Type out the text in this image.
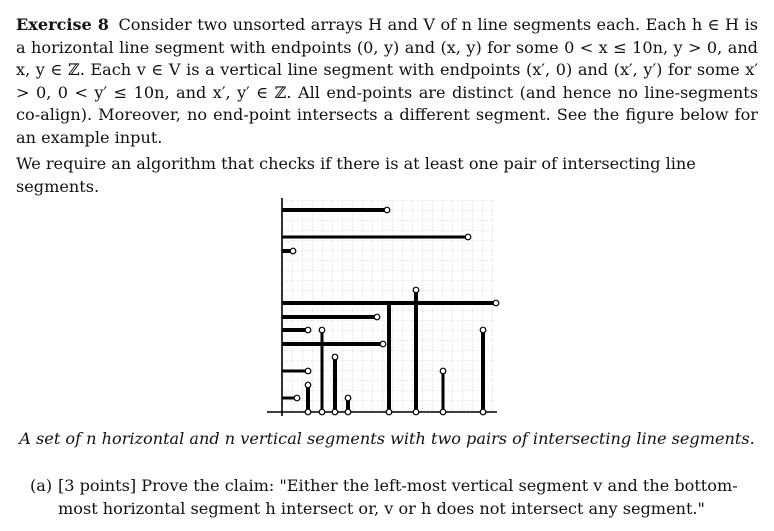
Exercise 8 Consider two unsorted arrays H and V of n line segments each. Each h ∈ H is a horizontal line segment with endpoints (0, y) and (x, y) for some 0 < x ≤ 10n, y > 0, and x, y ∈ ℤ. Each v ∈ V is a vertical line segment with endpoints (x′, 0) and (x′, y′) for some x′ > 0, 0 < y′ ≤ 10n, and x′, y′ ∈ ℤ. All end-points are distinct (and hence no line-segments co-align). Moreover, no end-point intersects a different segment. See the figure below for an example input.
We require an algorithm that checks if there is at least one pair of intersecting line segments.
A set of n horizontal and n vertical segments with two pairs of intersecting line segments.
(a) [3 points] Prove the claim: "Either the left-most vertical segment v and the bottom-most horizontal segment h intersect or, v or h does not intersect any segment."
